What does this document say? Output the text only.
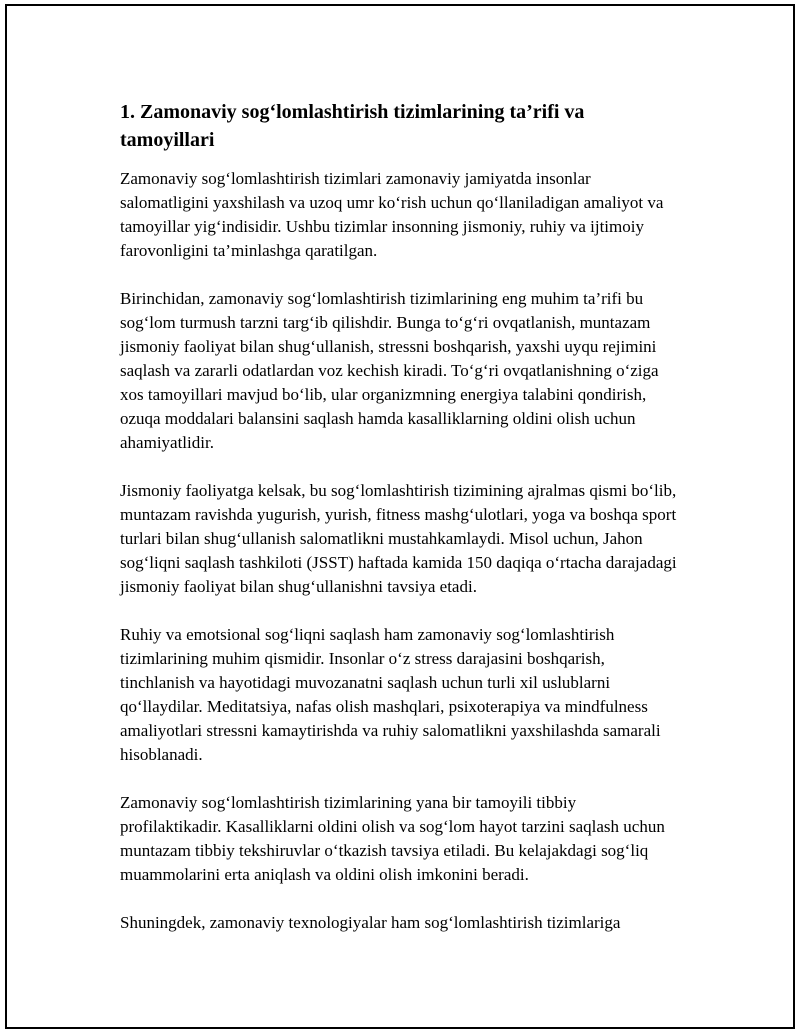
1. Zamonaviy sog‘lomlashtirish tizimlarining ta’rifi va tamoyillari

Zamonaviy sog‘lomlashtirish tizimlari zamonaviy jamiyatda insonlar salomatligini yaxshilash va uzoq umr ko‘rish uchun qo‘llaniladigan amaliyot va tamoyillar yig‘indisidir. Ushbu tizimlar insonning jismoniy, ruhiy va ijtimoiy farovonligini ta’minlashga qaratilgan.

Birinchidan, zamonaviy sog‘lomlashtirish tizimlarining eng muhim ta’rifi bu sog‘lom turmush tarzni targ‘ib qilishdir. Bunga to‘g‘ri ovqatlanish, muntazam jismoniy faoliyat bilan shug‘ullanish, stressni boshqarish, yaxshi uyqu rejimini saqlash va zararli odatlardan voz kechish kiradi. To‘g‘ri ovqatlanishning o‘ziga xos tamoyillari mavjud bo‘lib, ular organizmning energiya talabini qondirish, ozuqa moddalari balansini saqlash hamda kasalliklarning oldini olish uchun ahamiyatlidir.

Jismoniy faoliyatga kelsak, bu sog‘lomlashtirish tizimining ajralmas qismi bo‘lib, muntazam ravishda yugurish, yurish, fitness mashg‘ulotlari, yoga va boshqa sport turlari bilan shug‘ullanish salomatlikni mustahkamlaydi. Misol uchun, Jahon sog‘liqni saqlash tashkiloti (JSST) haftada kamida 150 daqiqa o‘rtacha darajadagi jismoniy faoliyat bilan shug‘ullanishni tavsiya etadi.

Ruhiy va emotsional sog‘liqni saqlash ham zamonaviy sog‘lomlashtirish tizimlarining muhim qismidir. Insonlar o‘z stress darajasini boshqarish, tinchlanish va hayotidagi muvozanatni saqlash uchun turli xil uslublarni qo‘llaydilar. Meditatsiya, nafas olish mashqlari, psixoterapiya va mindfulness amaliyotlari stressni kamaytirishda va ruhiy salomatlikni yaxshilashda samarali hisoblanadi.

Zamonaviy sog‘lomlashtirish tizimlarining yana bir tamoyili tibbiy profilaktikadir. Kasalliklarni oldini olish va sog‘lom hayot tarzini saqlash uchun muntazam tibbiy tekshiruvlar o‘tkazish tavsiya etiladi. Bu kelajakdagi sog‘liq muammolarini erta aniqlash va oldini olish imkonini beradi.

Shuningdek, zamonaviy texnologiyalar ham sog‘lomlashtirish tizimlariga
